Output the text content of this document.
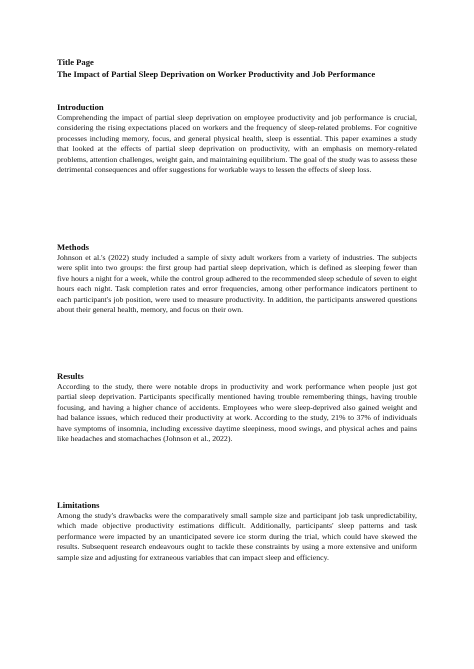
Title Page
The Impact of Partial Sleep Deprivation on Worker Productivity and Job Performance

Introduction

Comprehending the impact of partial sleep deprivation on employee productivity and job performance is crucial, considering the rising expectations placed on workers and the frequency of sleep-related problems. For cognitive processes including memory, focus, and general physical health, sleep is essential. This paper examines a study that looked at the effects of partial sleep deprivation on productivity, with an emphasis on memory-related problems, attention challenges, weight gain, and maintaining equilibrium. The goal of the study was to assess these detrimental consequences and offer suggestions for workable ways to lessen the effects of sleep loss.

Methods

Johnson et al.'s (2022) study included a sample of sixty adult workers from a variety of industries. The subjects were split into two groups: the first group had partial sleep deprivation, which is defined as sleeping fewer than five hours a night for a week, while the control group adhered to the recommended sleep schedule of seven to eight hours each night. Task completion rates and error frequencies, among other performance indicators pertinent to each participant's job position, were used to measure productivity. In addition, the participants answered questions about their general health, memory, and focus on their own.

Results

According to the study, there were notable drops in productivity and work performance when people just got partial sleep deprivation. Participants specifically mentioned having trouble remembering things, having trouble focusing, and having a higher chance of accidents. Employees who were sleep-deprived also gained weight and had balance issues, which reduced their productivity at work. According to the study, 21% to 37% of individuals have symptoms of insomnia, including excessive daytime sleepiness, mood swings, and physical aches and pains like headaches and stomachaches (Johnson et al., 2022).

Limitations

Among the study's drawbacks were the comparatively small sample size and participant job task unpredictability, which made objective productivity estimations difficult. Additionally, participants' sleep patterns and task performance were impacted by an unanticipated severe ice storm during the trial, which could have skewed the results. Subsequent research endeavours ought to tackle these constraints by using a more extensive and uniform sample size and adjusting for extraneous variables that can impact sleep and efficiency.
